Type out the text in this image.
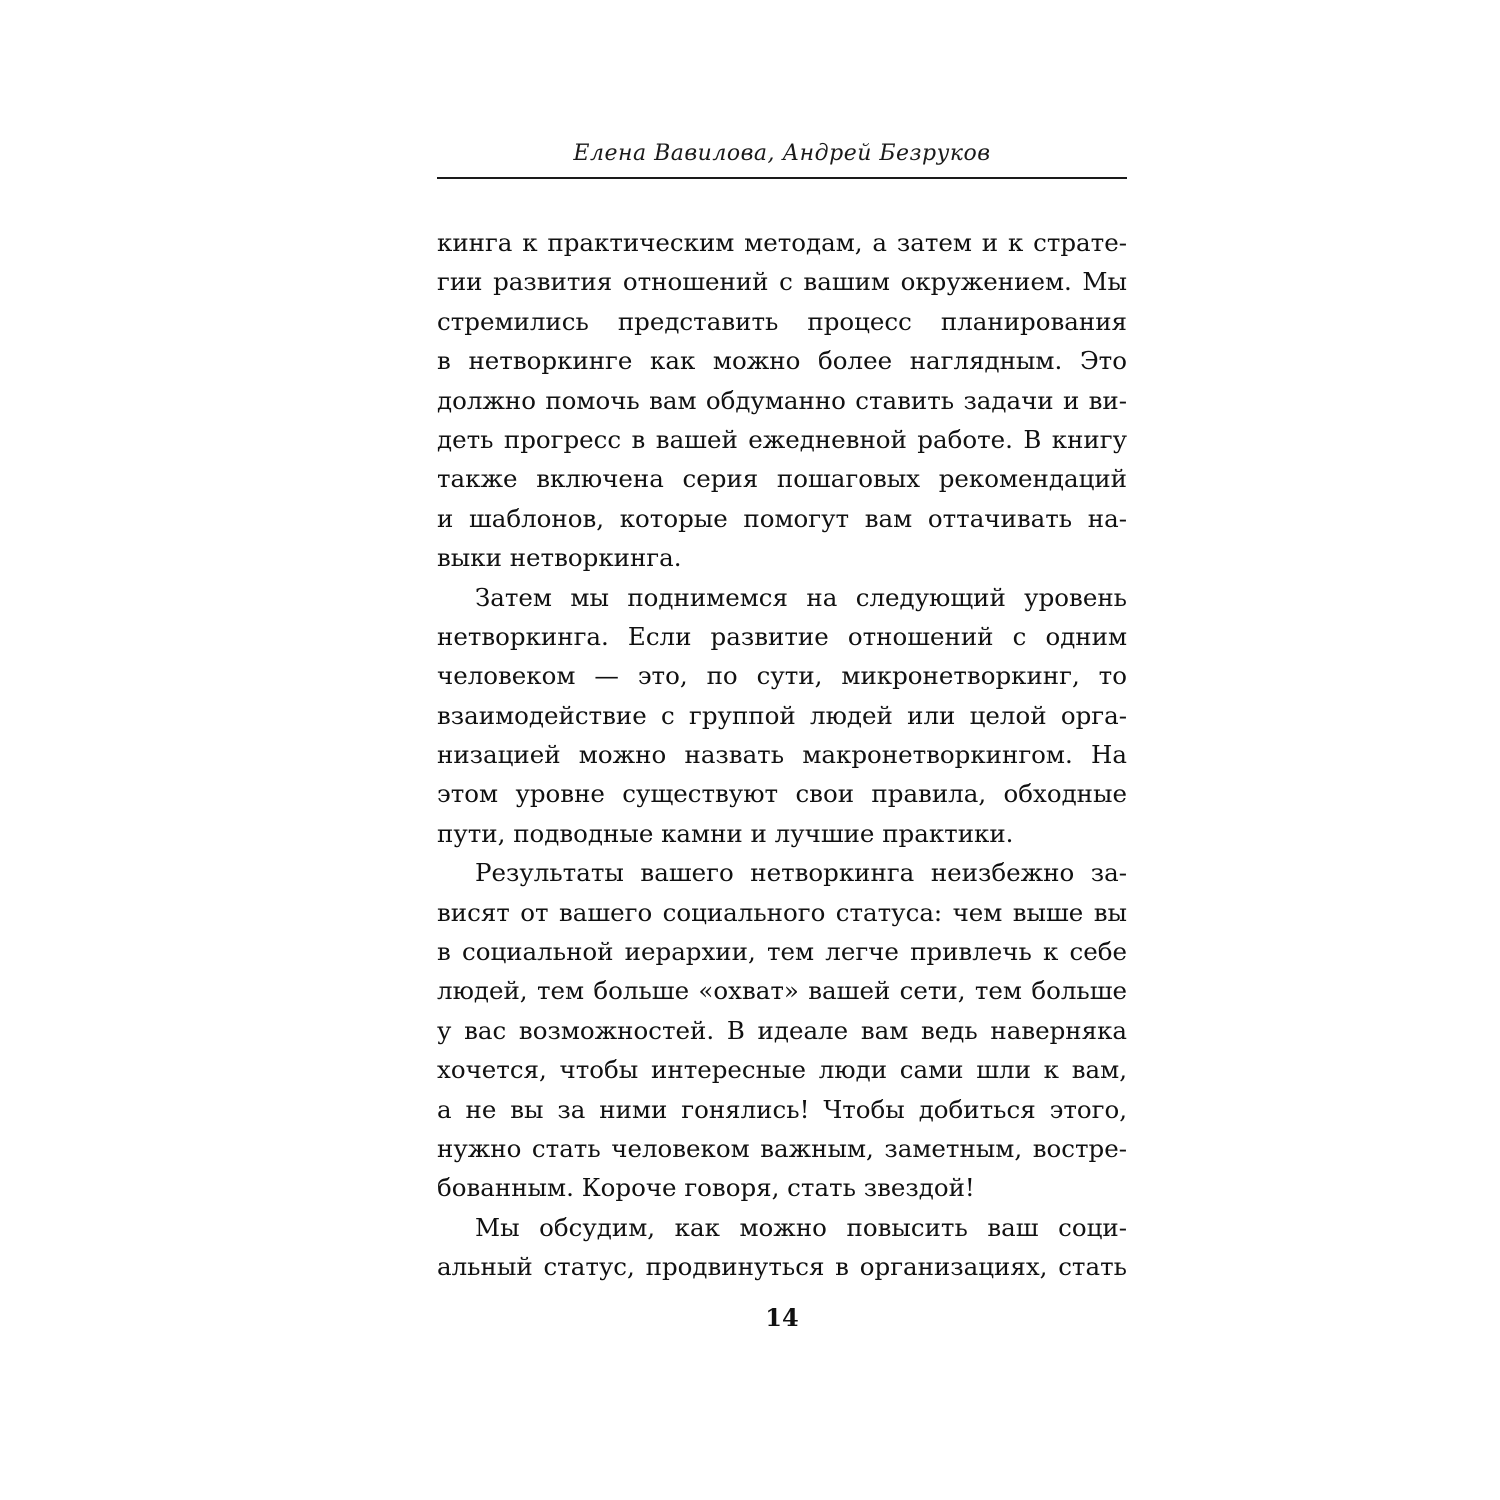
Елена Вавилова, Андрей Безруков
кинга к практическим методам, а затем и к страте-
гии развития отношений с вашим окружением. Мы
стремились представить процесс планирования
в нетворкинге как можно более наглядным. Это
должно помочь вам обдуманно ставить задачи и ви-
деть прогресс в вашей ежедневной работе. В книгу
также включена серия пошаговых рекомендаций
и шаблонов, которые помогут вам оттачивать на-
выки нетворкинга.
Затем мы поднимемся на следующий уровень
нетворкинга. Если развитие отношений с одним
человеком — это, по сути, микронетворкинг, то
взаимодействие с группой людей или целой орга-
низацией можно назвать макронетворкингом. На
этом уровне существуют свои правила, обходные
пути, подводные камни и лучшие практики.
Результаты вашего нетворкинга неизбежно за-
висят от вашего социального статуса: чем выше вы
в социальной иерархии, тем легче привлечь к себе
людей, тем больше «охват» вашей сети, тем больше
у вас возможностей. В идеале вам ведь наверняка
хочется, чтобы интересные люди сами шли к вам,
а не вы за ними гонялись! Чтобы добиться этого,
нужно стать человеком важным, заметным, востре-
бованным. Короче говоря, стать звездой!
Мы обсудим, как можно повысить ваш соци-
альный статус, продвинуться в организациях, стать
14
